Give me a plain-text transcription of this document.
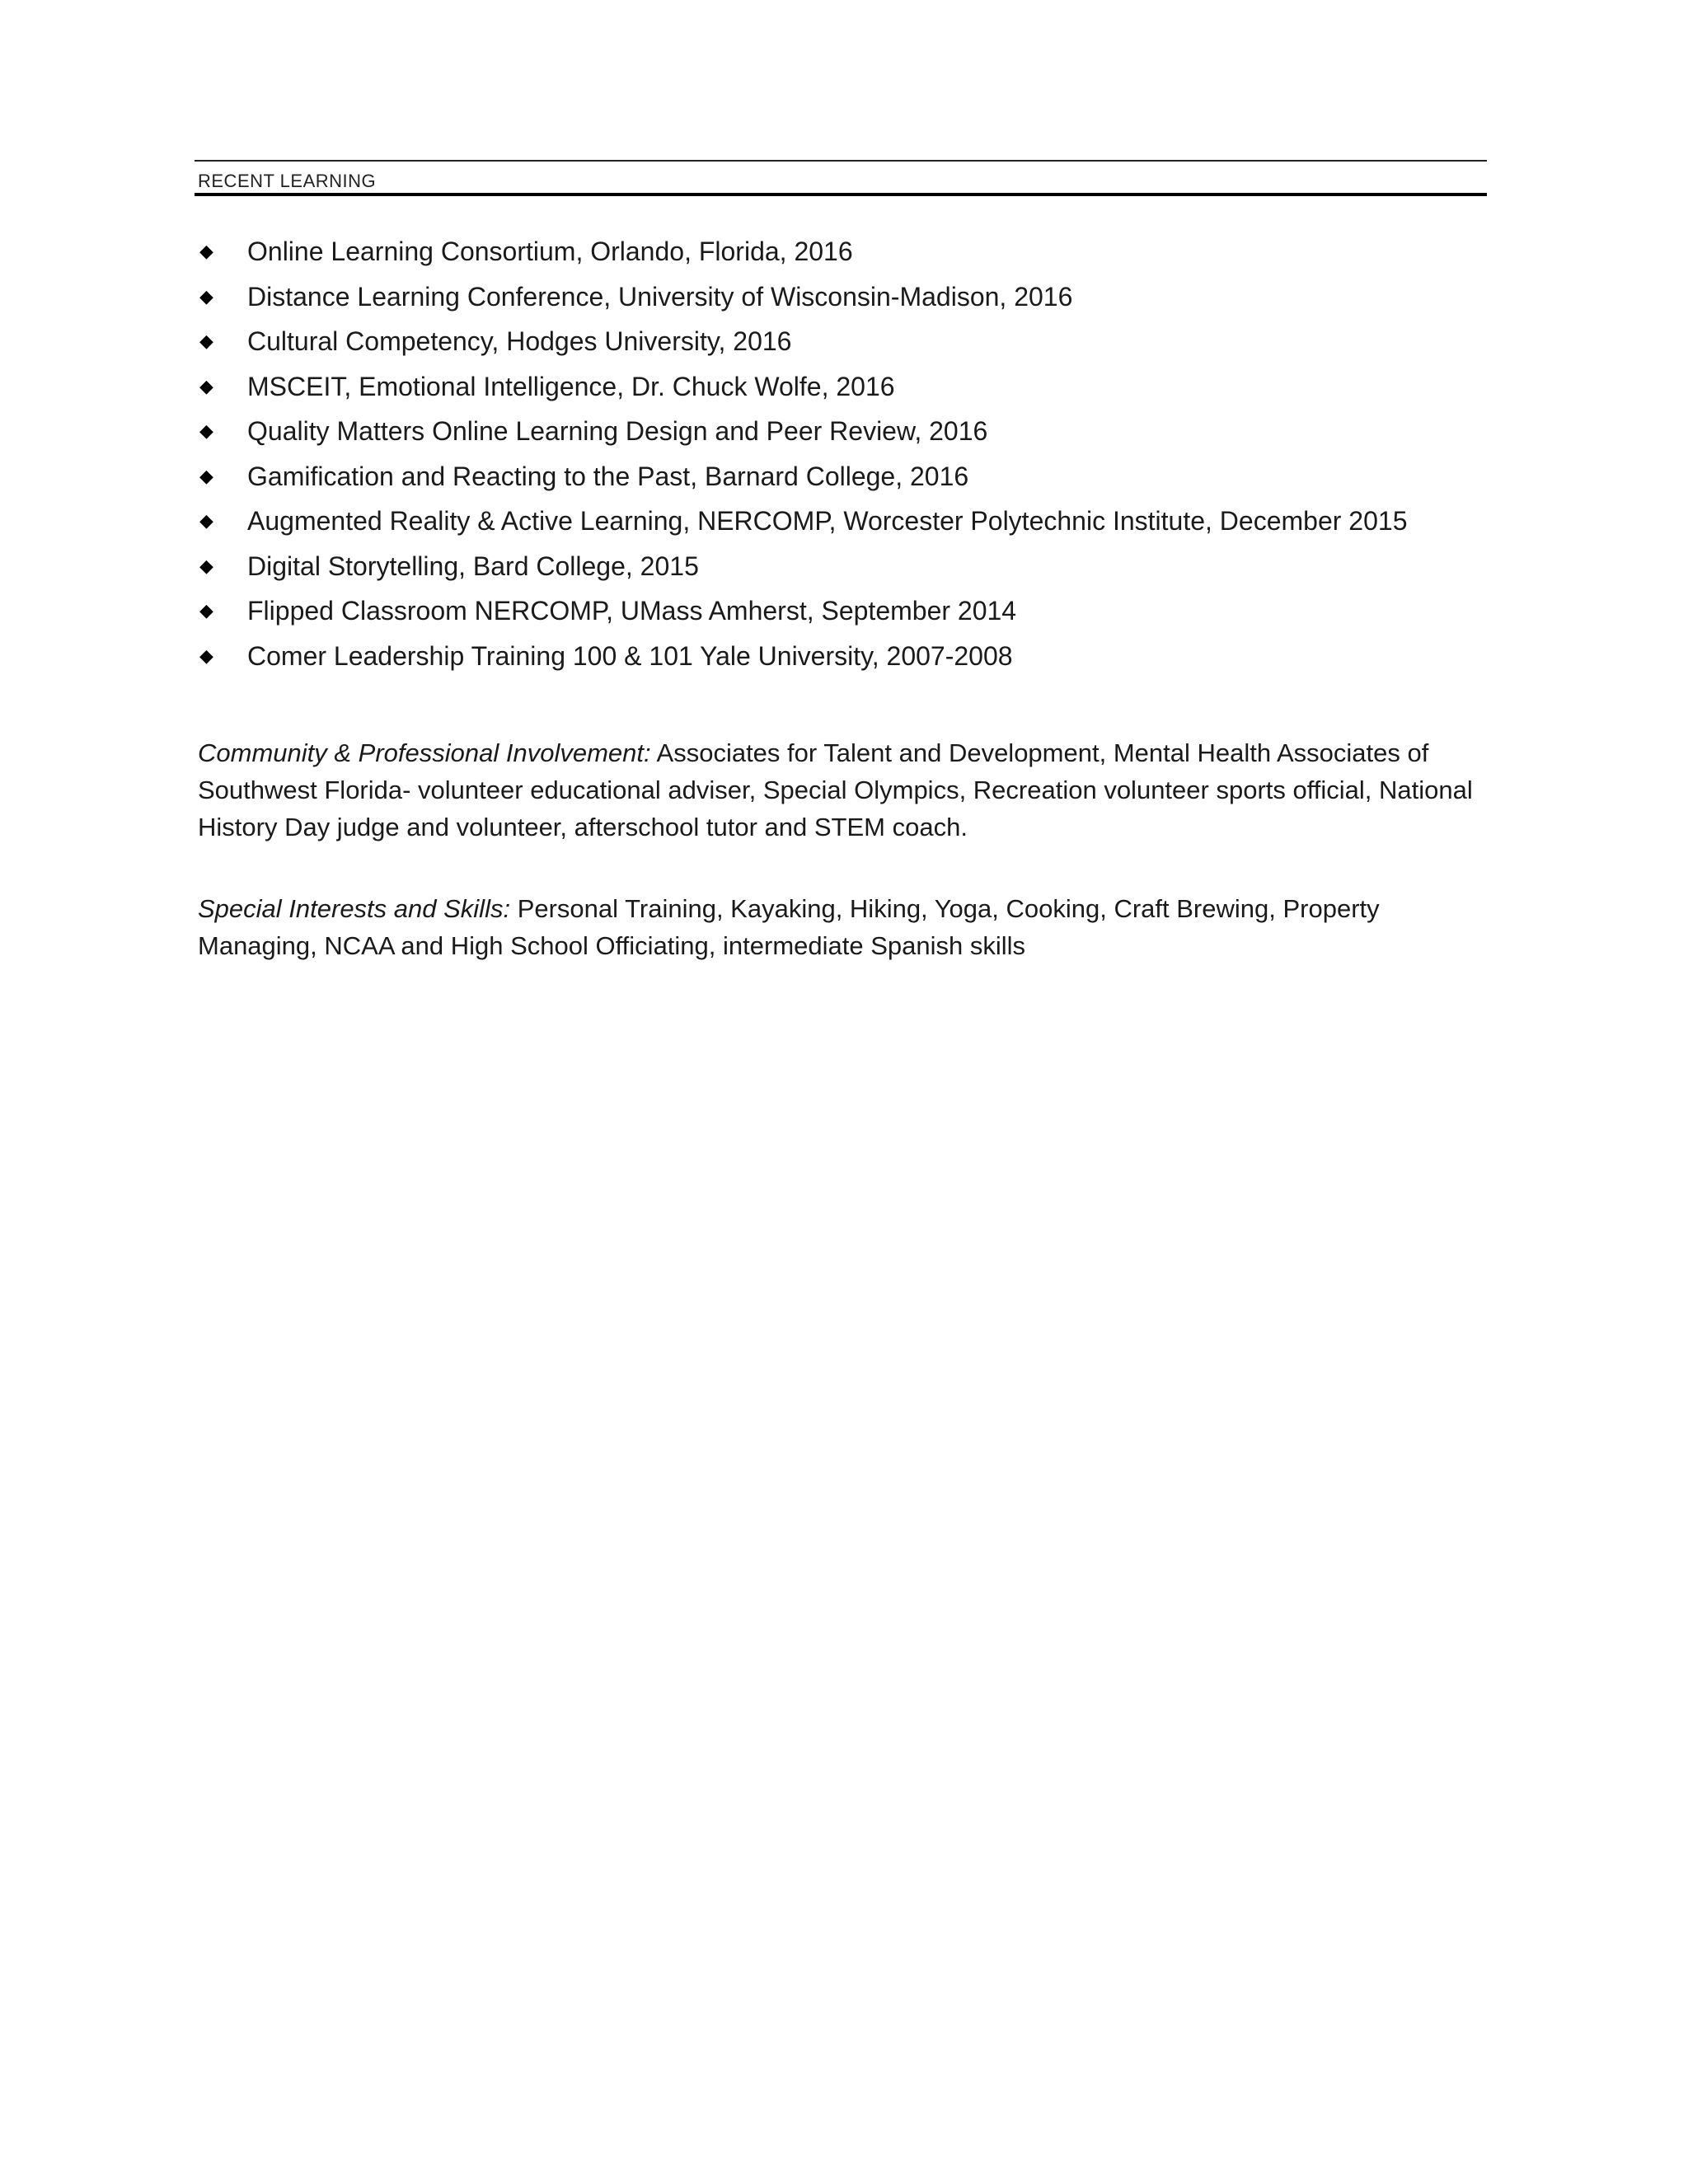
RECENT LEARNING
◆ Online Learning Consortium, Orlando, Florida, 2016
◆ Distance Learning Conference, University of Wisconsin-Madison, 2016
◆ Cultural Competency, Hodges University, 2016
◆ MSCEIT, Emotional Intelligence, Dr. Chuck Wolfe, 2016
◆ Quality Matters Online Learning Design and Peer Review, 2016
◆ Gamification and Reacting to the Past, Barnard College, 2016
◆ Augmented Reality & Active Learning, NERCOMP, Worcester Polytechnic Institute, December 2015
◆ Digital Storytelling, Bard College, 2015
◆ Flipped Classroom NERCOMP, UMass Amherst, September 2014
◆ Comer Leadership Training 100 & 101 Yale University, 2007-2008
Community & Professional Involvement: Associates for Talent and Development, Mental Health Associates of Southwest Florida- volunteer educational adviser, Special Olympics, Recreation volunteer sports official, National History Day judge and volunteer, afterschool tutor and STEM coach.
Special Interests and Skills: Personal Training, Kayaking, Hiking, Yoga, Cooking, Craft Brewing, Property Managing, NCAA and High School Officiating, intermediate Spanish skills
